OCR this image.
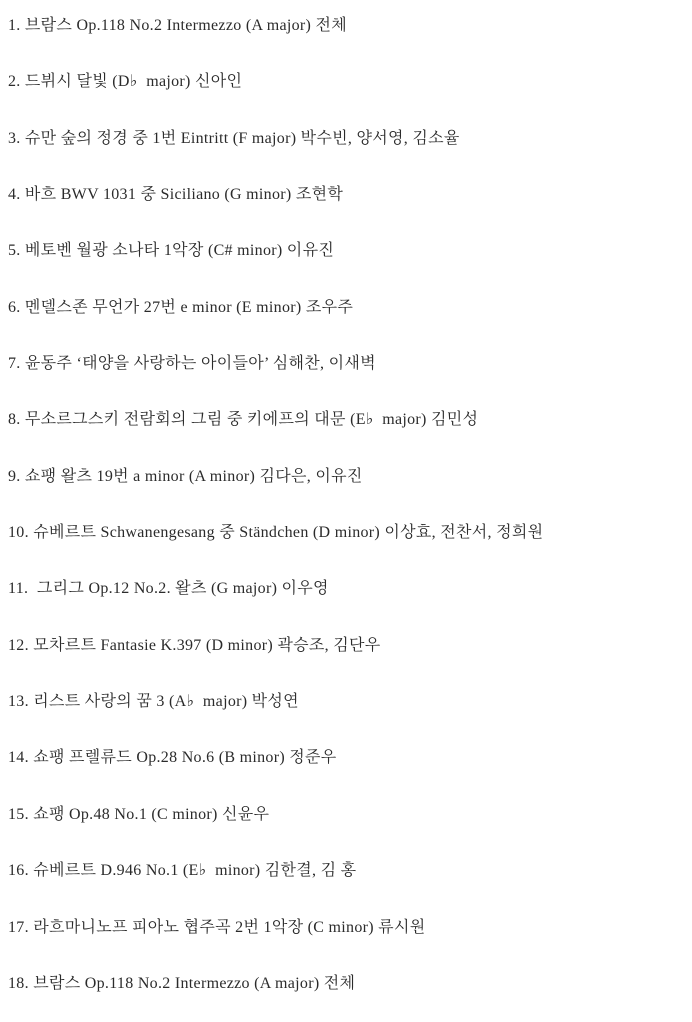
1. 브람스 Op.118 No.2 Intermezzo (A major) 전체

2. 드뷔시 달빛 (D♭  major) 신아인

3. 슈만 숲의 정경 중 1번 Eintritt (F major) 박수빈, 양서영, 김소율

4. 바흐 BWV 1031 중 Siciliano (G minor) 조현학

5. 베토벤 월광 소나타 1악장 (C# minor) 이유진

6. 멘델스존 무언가 27번 e minor (E minor) 조우주

7. 윤동주 ‘태양을 사랑하는 아이들아’ 심해찬, 이새벽

8. 무소르그스키 전람회의 그림 중 키에프의 대문 (E♭  major) 김민성

9. 쇼팽 왈츠 19번 a minor (A minor) 김다은, 이유진

10. 슈베르트 Schwanengesang 중 Ständchen (D minor) 이상효, 전찬서, 정희원

11.  그리그 Op.12 No.2. 왈츠 (G major) 이우영

12. 모차르트 Fantasie K.397 (D minor) 곽승조, 김단우

13. 리스트 사랑의 꿈 3 (A♭  major) 박성연

14. 쇼팽 프렐류드 Op.28 No.6 (B minor) 정준우

15. 쇼팽 Op.48 No.1 (C minor) 신윤우

16. 슈베르트 D.946 No.1 (E♭  minor) 김한결, 김 홍

17. 라흐마니노프 피아노 협주곡 2번 1악장 (C minor) 류시원

18. 브람스 Op.118 No.2 Intermezzo (A major) 전체
